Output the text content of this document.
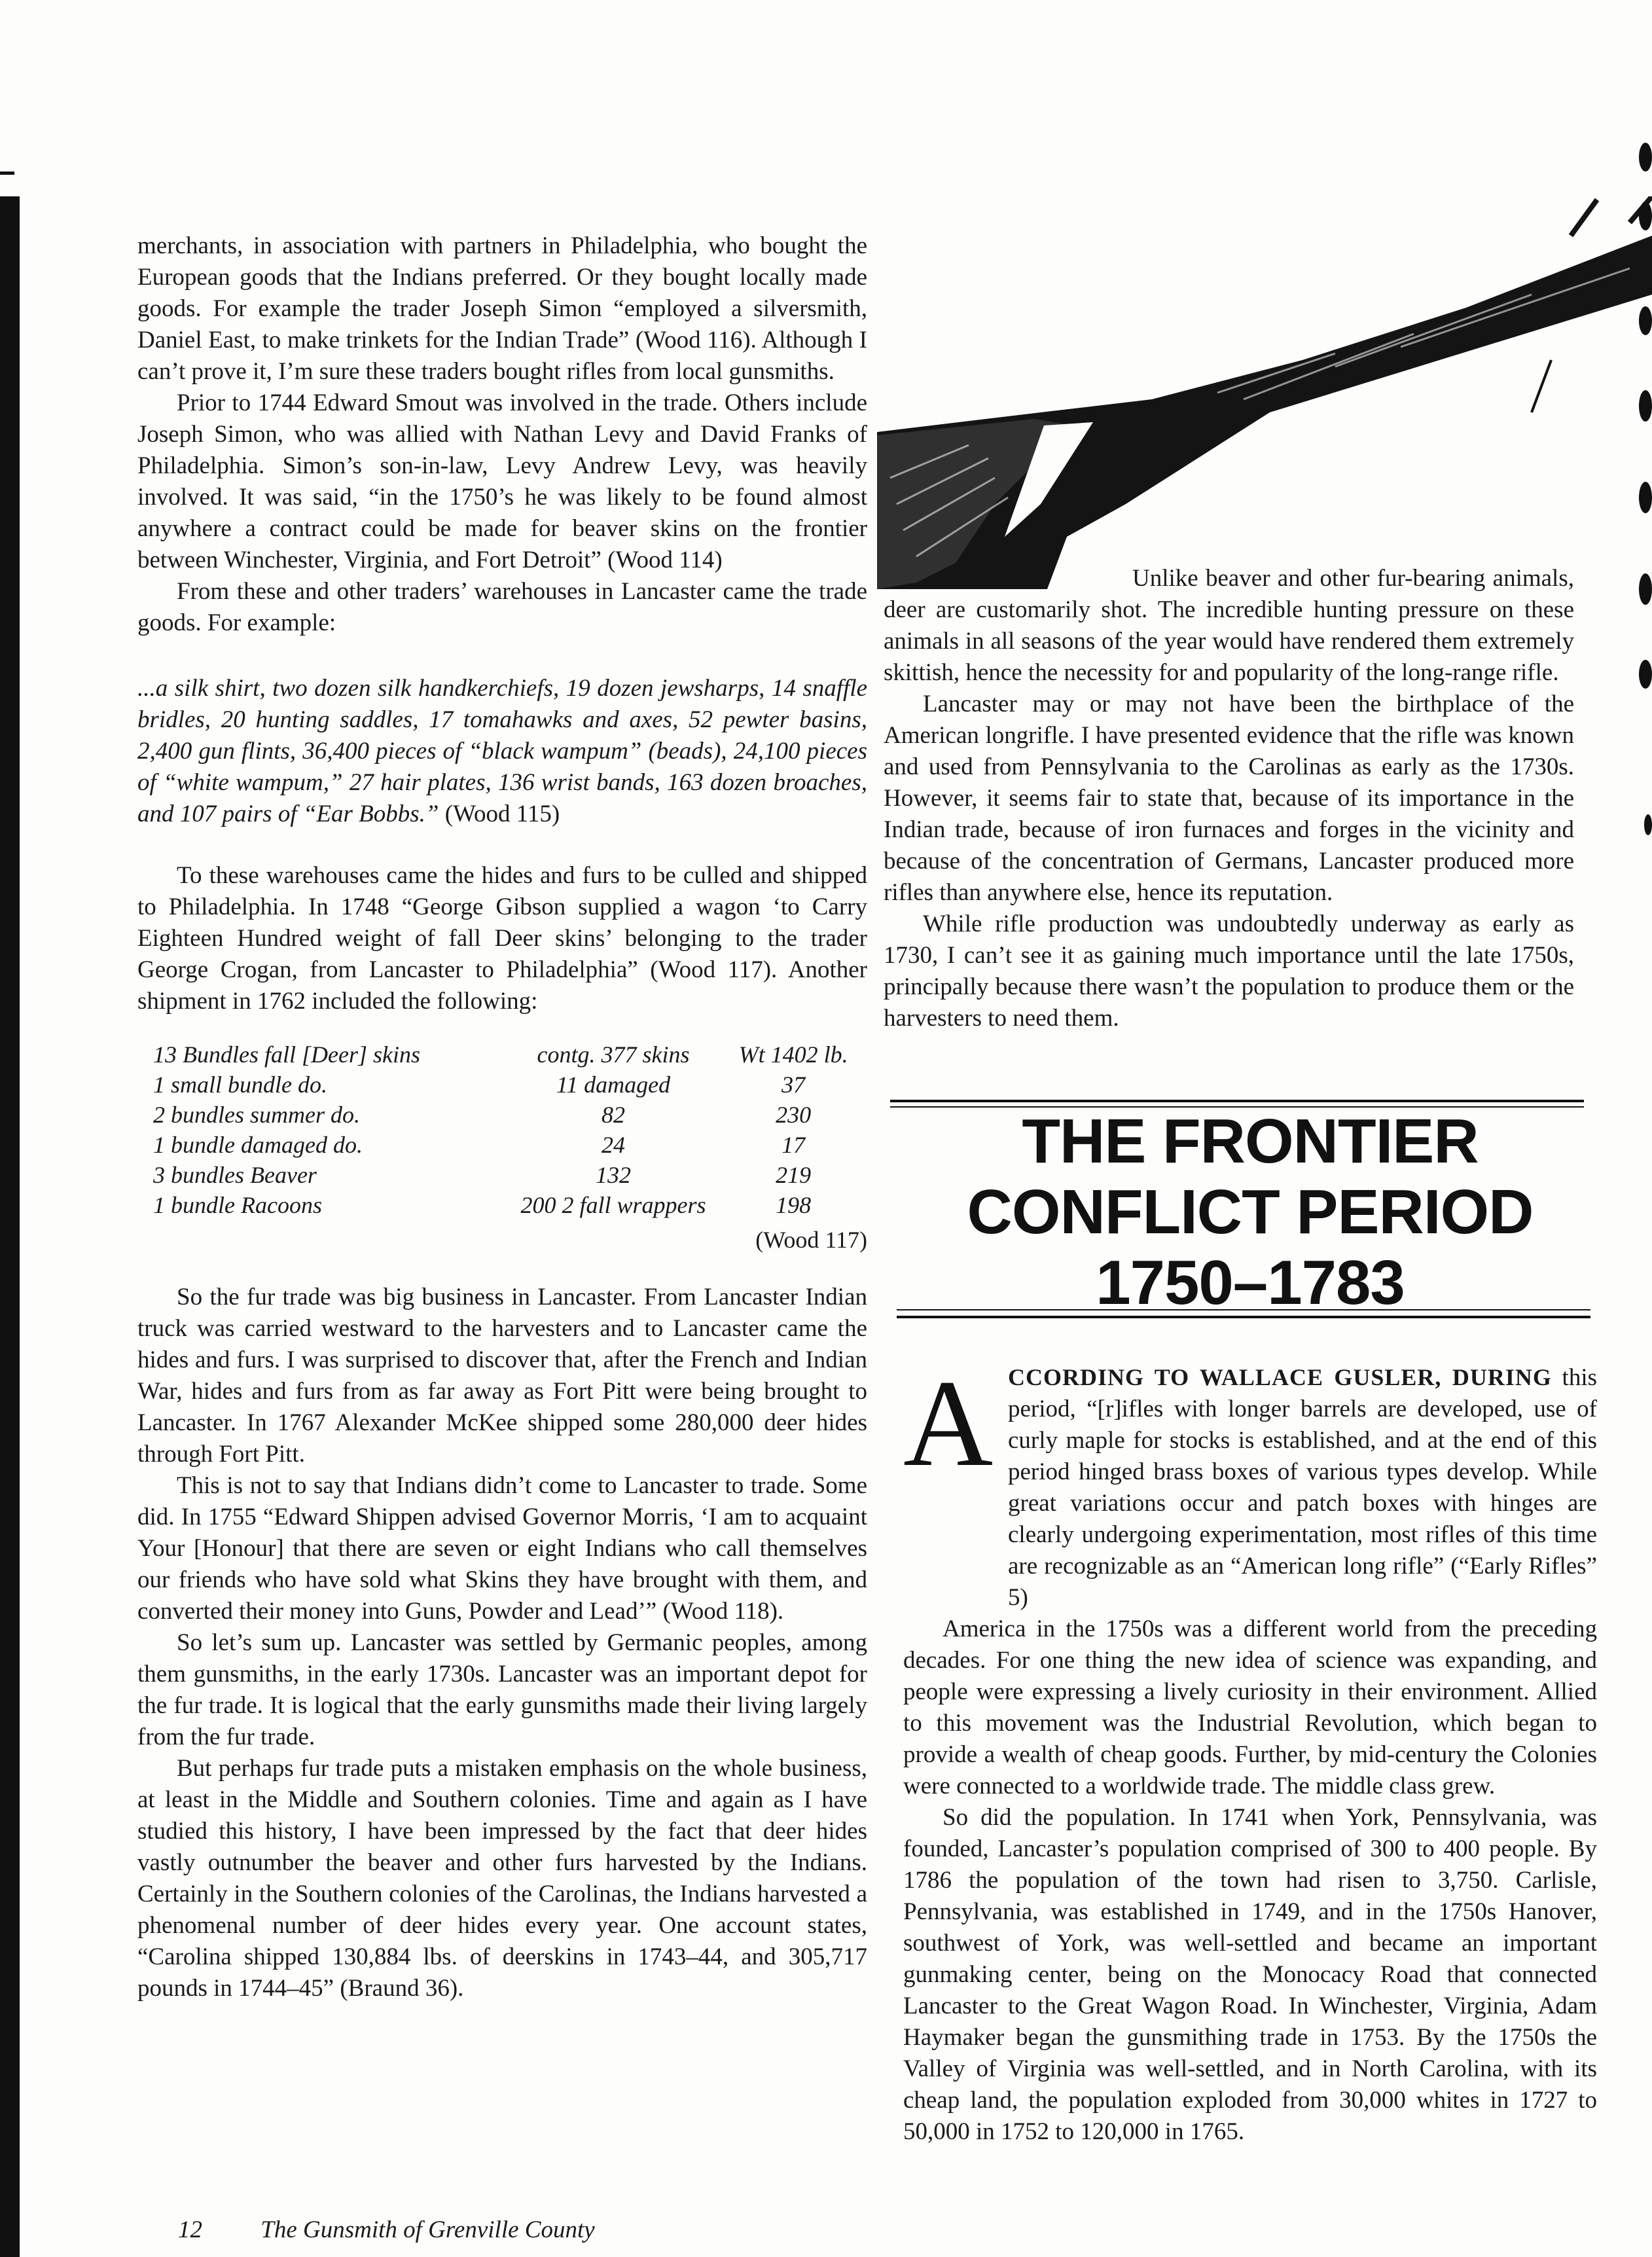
merchants, in association with partners in Philadelphia, who bought the European goods that the Indians preferred. Or they bought locally made goods. For example the trader Joseph Simon “employed a silversmith, Daniel East, to make trinkets for the Indian Trade” (Wood 116). Although I can’t prove it, I’m sure these traders bought rifles from local gunsmiths.

Prior to 1744 Edward Smout was involved in the trade. Others include Joseph Simon, who was allied with Nathan Levy and David Franks of Philadelphia. Simon’s son-in-law, Levy Andrew Levy, was heavily involved. It was said, “in the 1750’s he was likely to be found almost anywhere a contract could be made for beaver skins on the frontier between Winchester, Virginia, and Fort Detroit” (Wood 114)

From these and other traders’ warehouses in Lancaster came the trade goods. For example:

...a silk shirt, two dozen silk handkerchiefs, 19 dozen jewsharps, 14 snaffle bridles, 20 hunting saddles, 17 tomahawks and axes, 52 pewter basins, 2,400 gun flints, 36,400 pieces of “black wampum” (beads), 24,100 pieces of “white wampum,” 27 hair plates, 136 wrist bands, 163 dozen broaches, and 107 pairs of “Ear Bobbs.” (Wood 115)

To these warehouses came the hides and furs to be culled and shipped to Philadelphia. In 1748 “George Gibson supplied a wagon ‘to Carry Eighteen Hundred weight of fall Deer skins’ belonging to the trader George Crogan, from Lancaster to Philadelphia” (Wood 117). Another shipment in 1762 included the following:

13 Bundles fall [Deer] skins	contg. 377 skins	Wt 1402 lb.
1 small bundle do.	11 damaged	37
2 bundles summer do.	82	230
1 bundle damaged do.	24	17
3 bundles Beaver	132	219
1 bundle Racoons	200 2 fall wrappers	198
(Wood 117)

So the fur trade was big business in Lancaster. From Lancaster Indian truck was carried westward to the harvesters and to Lancaster came the hides and furs. I was surprised to discover that, after the French and Indian War, hides and furs from as far away as Fort Pitt were being brought to Lancaster. In 1767 Alexander McKee shipped some 280,000 deer hides through Fort Pitt.

This is not to say that Indians didn’t come to Lancaster to trade. Some did. In 1755 “Edward Shippen advised Governor Morris, ‘I am to acquaint Your [Honour] that there are seven or eight Indians who call themselves our friends who have sold what Skins they have brought with them, and converted their money into Guns, Powder and Lead’” (Wood 118).

So let’s sum up. Lancaster was settled by Germanic peoples, among them gunsmiths, in the early 1730s. Lancaster was an important depot for the fur trade. It is logical that the early gunsmiths made their living largely from the fur trade.

But perhaps fur trade puts a mistaken emphasis on the whole business, at least in the Middle and Southern colonies. Time and again as I have studied this history, I have been impressed by the fact that deer hides vastly outnumber the beaver and other furs harvested by the Indians. Certainly in the Southern colonies of the Carolinas, the Indians harvested a phenomenal number of deer hides every year. One account states, “Carolina shipped 130,884 lbs. of deerskins in 1743–44, and 305,717 pounds in 1744–45” (Braund 36).

Unlike beaver and other fur-bearing animals, deer are customarily shot. The incredible hunting pressure on these animals in all seasons of the year would have rendered them extremely skittish, hence the necessity for and popularity of the long-range rifle.

Lancaster may or may not have been the birthplace of the American longrifle. I have presented evidence that the rifle was known and used from Pennsylvania to the Carolinas as early as the 1730s. However, it seems fair to state that, because of its importance in the Indian trade, because of iron furnaces and forges in the vicinity and because of the concentration of Germans, Lancaster produced more rifles than anywhere else, hence its reputation.

While rifle production was undoubtedly underway as early as 1730, I can’t see it as gaining much importance until the late 1750s, principally because there wasn’t the population to produce them or the harvesters to need them.

THE FRONTIER
CONFLICT PERIOD
1750–1783
A CCORDING TO WALLACE GUSLER, DURING this period, “[r]ifles with longer barrels are developed, use of curly maple for stocks is established, and at the end of this period hinged brass boxes of various types develop. While great variations occur and patch boxes with hinges are clearly undergoing experimentation, most rifles of this time are recognizable as an “American long rifle” (“Early Rifles” 5)

America in the 1750s was a different world from the preceding decades. For one thing the new idea of science was expanding, and people were expressing a lively curiosity in their environment. Allied to this movement was the Industrial Revolution, which began to provide a wealth of cheap goods. Further, by mid-century the Colonies were connected to a worldwide trade. The middle class grew.

So did the population. In 1741 when York, Pennsylvania, was founded, Lancaster’s population comprised of 300 to 400 people. By 1786 the population of the town had risen to 3,750. Carlisle, Pennsylvania, was established in 1749, and in the 1750s Hanover, southwest of York, was well-settled and became an important gunmaking center, being on the Monocacy Road that connected Lancaster to the Great Wagon Road. In Winchester, Virginia, Adam Haymaker began the gunsmithing trade in 1753. By the 1750s the Valley of Virginia was well-settled, and in North Carolina, with its cheap land, the population exploded from 30,000 whites in 1727 to 50,000 in 1752 to 120,000 in 1765.

12 The Gunsmith of Grenville County
